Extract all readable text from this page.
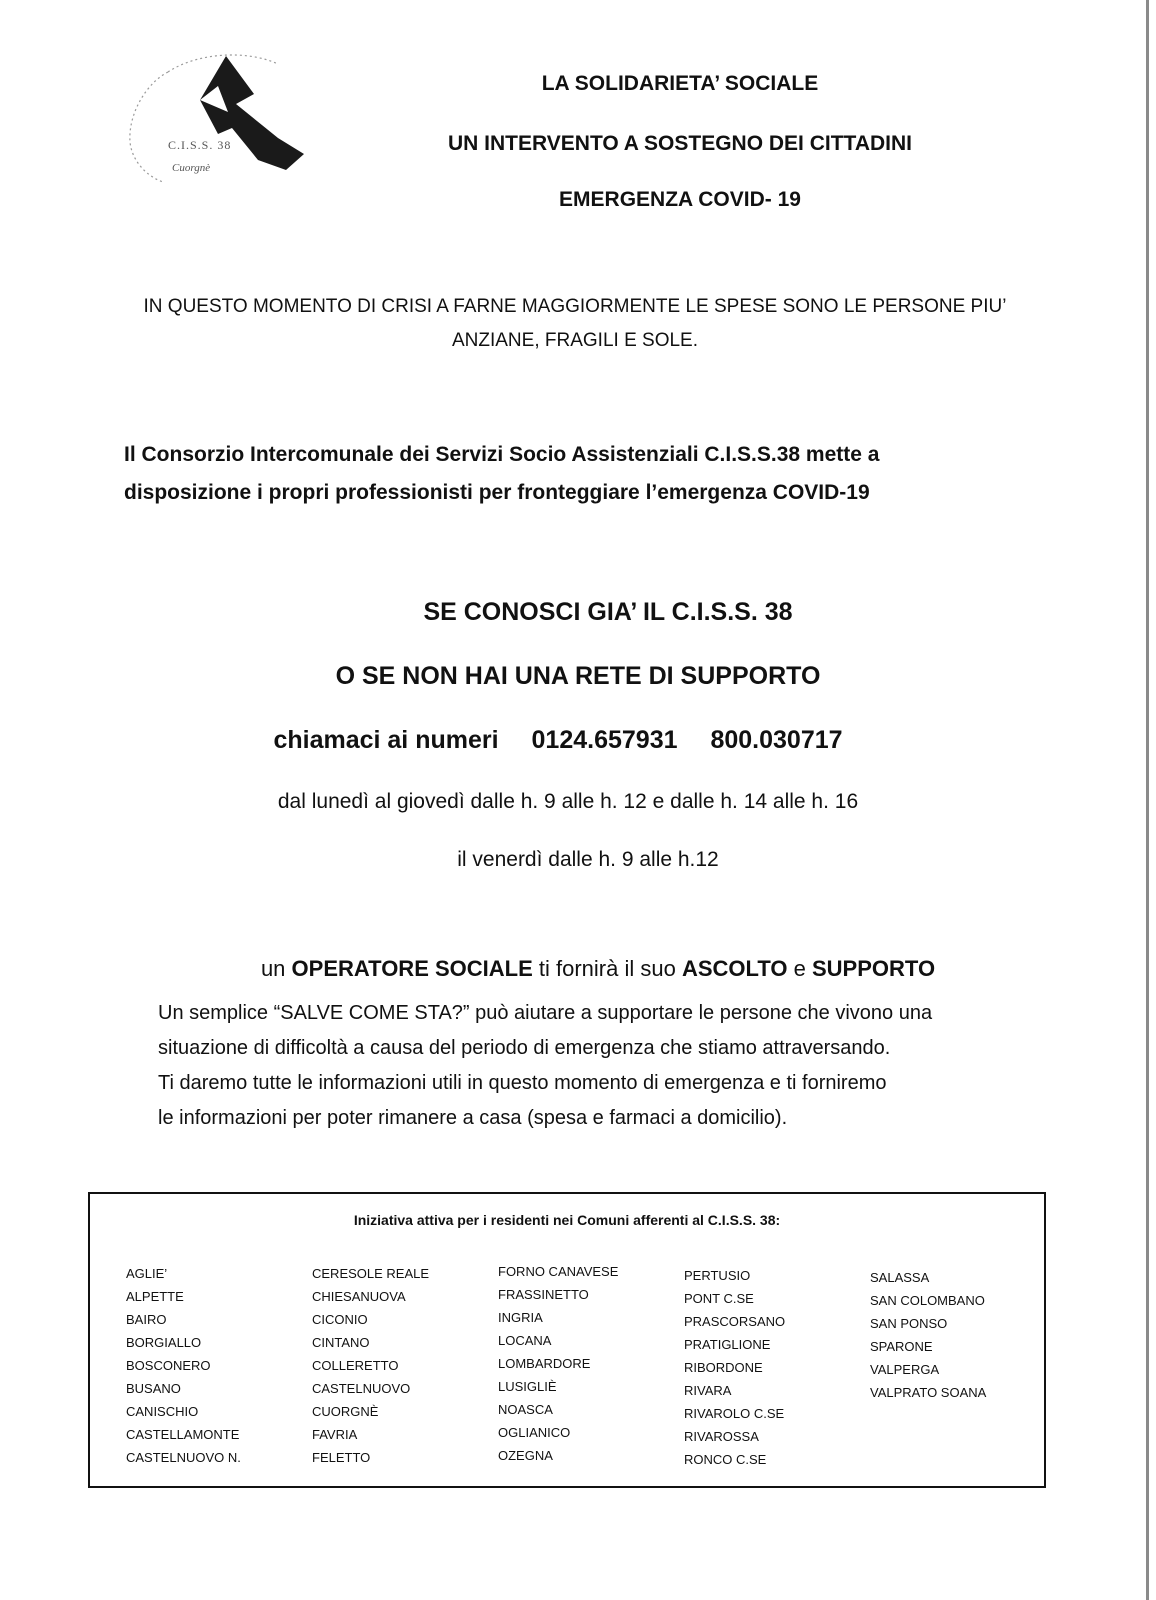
C.I.S.S. 38
Cuorgnè
LA SOLIDARIETA’ SOCIALE
UN INTERVENTO A SOSTEGNO DEI CITTADINI
EMERGENZA COVID- 19
IN QUESTO MOMENTO DI CRISI A FARNE MAGGIORMENTE LE SPESE SONO LE PERSONE PIU’
ANZIANE, FRAGILI E SOLE.
Il Consorzio Intercomunale dei Servizi Socio Assistenziali C.I.S.S.38 mette a
disposizione i propri professionisti per fronteggiare l’emergenza COVID-19
SE CONOSCI GIA’ IL C.I.S.S. 38
O SE NON HAI UNA RETE DI SUPPORTO
chiamaci ai numeri 0124.657931 800.030717
dal lunedì al giovedì dalle h. 9 alle h. 12 e dalle h. 14 alle h. 16
il venerdì dalle h. 9 alle h.12
un OPERATORE SOCIALE ti fornirà il suo ASCOLTO e SUPPORTO

Un semplice “SALVE COME STA?” può aiutare a supportare le persone che vivono una

situazione di difficoltà a causa del periodo di emergenza che stiamo attraversando.

Ti daremo tutte le informazioni utili in questo momento di emergenza e ti forniremo

le informazioni per poter rimanere a casa (spesa e farmaci a domicilio).

Iniziativa attiva per i residenti nei Comuni afferenti al C.I.S.S. 38:
AGLIE’
ALPETTE
BAIRO
BORGIALLO
BOSCONERO
BUSANO
CANISCHIO
CASTELLAMONTE
CASTELNUOVO N.
CERESOLE REALE
CHIESANUOVA
CICONIO
CINTANO
COLLERETTO
CASTELNUOVO
CUORGNÈ
FAVRIA
FELETTO
FORNO CANAVESE
FRASSINETTO
INGRIA
LOCANA
LOMBARDORE
LUSIGLIÈ
NOASCA
OGLIANICO
OZEGNA
PERTUSIO
PONT C.SE
PRASCORSANO
PRATIGLIONE
RIBORDONE
RIVARA
RIVAROLO C.SE
RIVAROSSA
RONCO C.SE
SALASSA
SAN COLOMBANO
SAN PONSO
SPARONE
VALPERGA
VALPRATO SOANA
